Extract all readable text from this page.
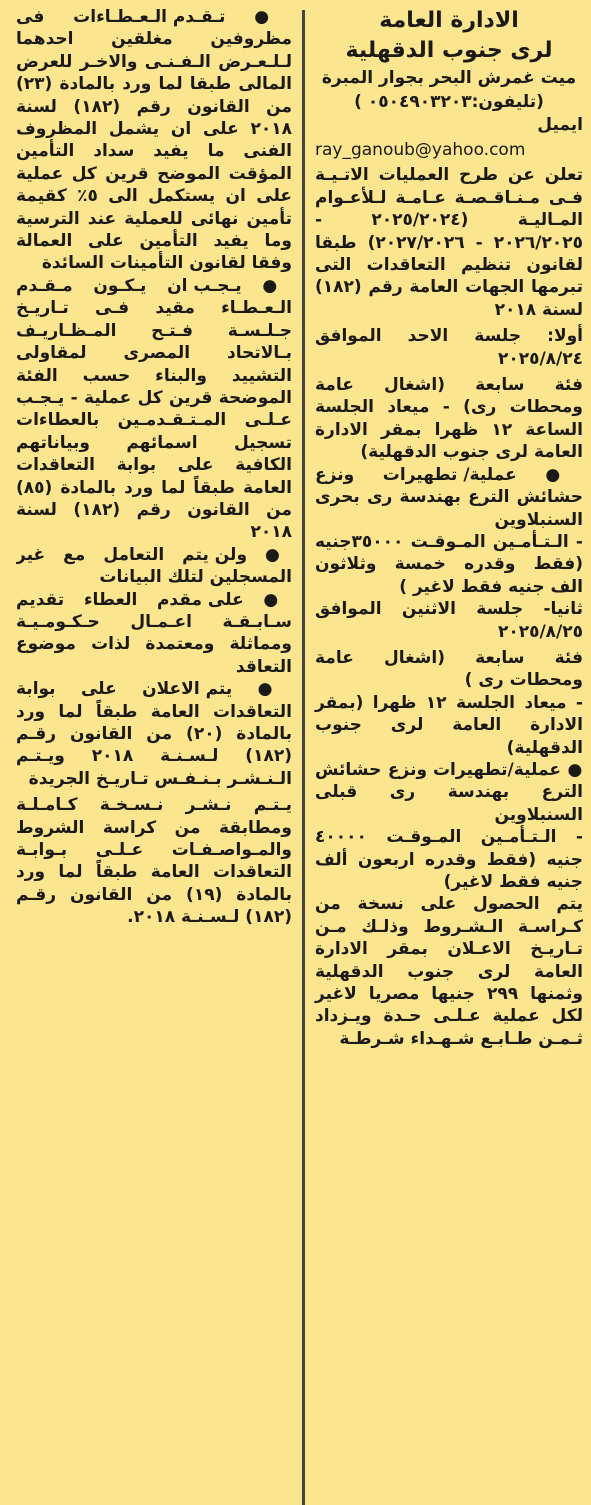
الادارة العامة

لرى جنوب الدقهلية

ميت غمرش البحر بجوار المبرة

(تليفون:٠٥٠٤٩٠٣٢٠٣ )

ايميل

ray_ganoub@yahoo.com

تعلن عن طرح العمليات الاتـيـة فـى مـنـاقـصـة عـامـة لـلأعـوام المـاليـة (٢٠٢٥/٢٠٢٤ - ٢٠٢٦/٢٠٢٥ - ٢٠٢٧/٢٠٢٦) طبقا لقانون تنظيم التعاقدات التى تبرمها الجهات العامة رقم (١٨٢) لسنة ٢٠١٨

أولا: جلسة الاحد الموافق ٢٠٢٥/٨/٢٤

فئة سابعة (اشغال عامة ومحطات رى) - ميعاد الجلسة الساعة ١٢ ظهرا بمقر الادارة العامة لرى جنوب الدقهلية)

● عملية/ تطهيرات ونزع حشائش الترع بهندسة رى بحرى السنبلاوين

- الـتـأمـين المـوقـت ٣٥٠٠٠جنيه (فقط وقدره خمسة وثلاثون الف جنيه فقط لاغير )

ثانيا- جلسة الاثنين الموافق ٢٠٢٥/٨/٢٥

فئة سابعة (اشغال عامة ومحطات رى )

- ميعاد الجلسة ١٢ ظهرا (بمقر الادارة العامة لرى جنوب الدقهلية)

● عملية/تطهيرات ونزع حشائش الترع بهندسة رى قبلى السنبلاوين

- الـتـأمـين المـوقـت ٤٠٠٠٠ جنيه (فقط وقدره اربعون ألف جنيه فقط لاغير)

يتم الحصول على نسخة من كـراسـة الـشـروط وذلـك مـن تـاريـخ الاعـلان بمقر الادارة العامة لرى جنوب الدقهلية وثمنها ٢٩٩ جنيها مصريا لاغير لكل عملية عـلـى حـدة ويـزداد ثـمـن طـابـع شـهـداء شـرطـة

● تـقـدم الـعـطـاءات فى مظروفين مغلقين احدهما لـلـعـرض الـفـنـى والاخـر للعرض المالى طبقا لما ورد بالمادة (٢٣) من القانون رقم (١٨٢) لسنة ٢٠١٨ على ان يشمل المظروف الفنى ما يفيد سداد التأمين المؤقت الموضح قرين كل عملية على ان يستكمل الى ٥٪ كقيمة تأمين نهائى للعملية عند الترسية وما يفيد التأمين على العمالة وفقا لقانون التأمينات السائدة

● يـجـب ان يـكـون مـقـدم الـعـطـاء مقيد فـى تـاريـخ جـلـسـة فـتـح المـظـاريـف بـالاتحاد المصرى لمقاولى التشييد والبناء حسب الفئة الموضحة قرين كل عملية - يـجـب عـلـى المـتـقـدمـين بالعطاءات تسجيل اسمائهم وبياناتهم الكافية على بوابة التعاقدات العامة طبقاً لما ورد بالمادة (٨٥) من القانون رقم (١٨٢) لسنة ٢٠١٨

● ولن يتم التعامل مع غير المسجلين لتلك البيانات

● على مقدم العطاء تقديم سـابـقـة اعـمـال حـكـومـيـة ومماثلة ومعتمدة لذات موضوع التعاقد

● يتم الاعلان على بوابة التعاقدات العامة طبقاً لما ورد بالمادة (٢٠) من القانون رقـم (١٨٢) لـسـنـة ٢٠١٨ ويـتـم الـنـشـر بـنـفـس تـاريـخ الجريدة

يـتـم نـشـر نـسـخـة كـامـلـة ومطابقة من كراسة الشروط والمـواصـفـات عـلـى بـوابـة التعاقدات العامة طبقاً لما ورد بالمادة (١٩) من القانون رقـم (١٨٢) لـسـنـة ٢٠١٨.
